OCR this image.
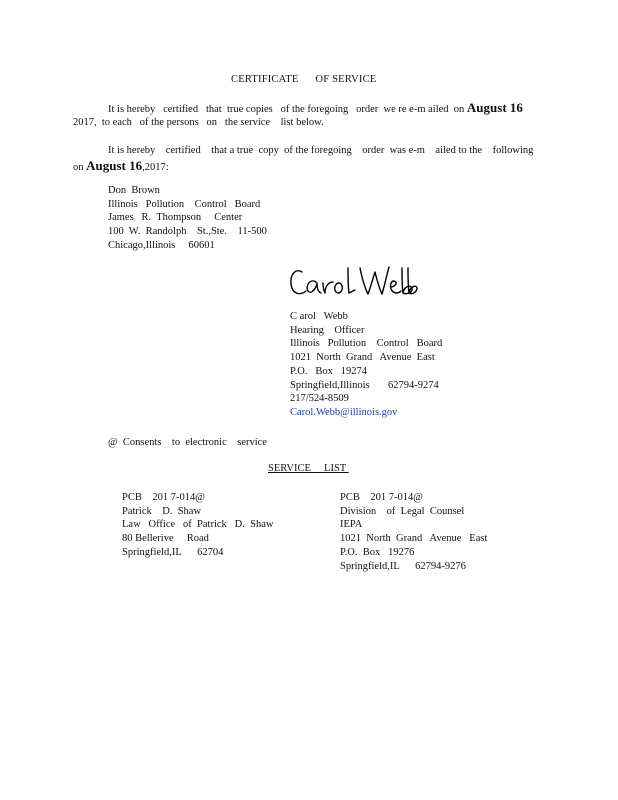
CERTIFICATE      OF SERVICE
It is hereby   certified   that  true copies   of the foregoing   order  we re e-m ailed  on August 16
2017,  to each   of the persons   on   the service    list below.
It is hereby    certified    that a true  copy  of the foregoing    order  was e-m    ailed to the    following
on August 16,2017:
Don  Brown
Illinois   Pollution    Control   Board
James   R.  Thompson     Center
100  W.  Randolph    St.,Ste.    11-500
Chicago,Illinois     60601
C arol   Webb
Hearing    Officer
Illinois   Pollution    Control   Board
1021  North  Grand   Avenue  East
P.O.   Box   19274
Springfield,Illinois       62794-9274
217/524-8509
Carol.Webb@illinois.gov
@  Consents    to  electronic    service
SERVICE     LIST
PCB    201 7-014@
Patrick    D.  Shaw
Law   Office   of  Patrick   D.  Shaw
80 Bellerive     Road
Springfield,IL      62704
PCB    201 7-014@
Division    of  Legal  Counsel
IEPA
1021  North  Grand   Avenue   East
P.O.  Box   19276
Springfield,IL      62794-9276
